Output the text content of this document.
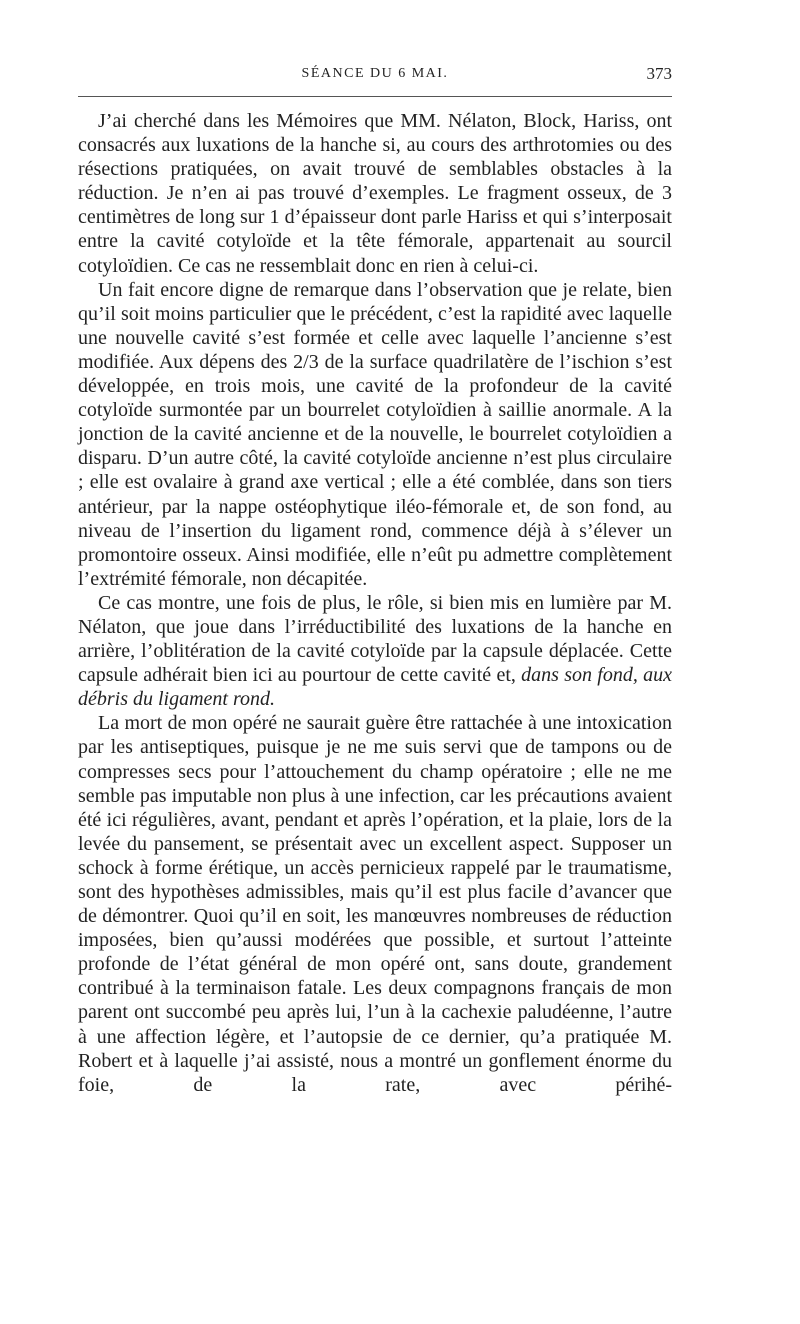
SÉANCE DU 6 MAI.	373

J’ai cherché dans les Mémoires que MM. Nélaton, Block, Hariss, ont consacrés aux luxations de la hanche si, au cours des arthrotomies ou des résections pratiquées, on avait trouvé de semblables obstacles à la réduction. Je n’en ai pas trouvé d’exemples. Le fragment osseux, de 3 centimètres de long sur 1 d’épaisseur dont parle Hariss et qui s’interposait entre la cavité cotyloïde et la tête fémorale, appartenait au sourcil cotyloïdien. Ce cas ne ressemblait donc en rien à celui-ci.

Un fait encore digne de remarque dans l’observation que je relate, bien qu’il soit moins particulier que le précédent, c’est la rapidité avec laquelle une nouvelle cavité s’est formée et celle avec laquelle l’ancienne s’est modifiée. Aux dépens des 2/3 de la surface quadrilatère de l’ischion s’est développée, en trois mois, une cavité de la profondeur de la cavité cotyloïde surmontée par un bourrelet cotyloïdien à saillie anormale. A la jonction de la cavité ancienne et de la nouvelle, le bourrelet cotyloïdien a disparu. D’un autre côté, la cavité cotyloïde ancienne n’est plus circulaire ; elle est ovalaire à grand axe vertical ; elle a été comblée, dans son tiers antérieur, par la nappe ostéophytique iléo-fémorale et, de son fond, au niveau de l’insertion du ligament rond, commence déjà à s’élever un promontoire osseux. Ainsi modifiée, elle n’eût pu admettre complètement l’extrémité fémorale, non décapitée.

Ce cas montre, une fois de plus, le rôle, si bien mis en lumière par M. Nélaton, que joue dans l’irréductibilité des luxations de la hanche en arrière, l’oblitération de la cavité cotyloïde par la capsule déplacée. Cette capsule adhérait bien ici au pourtour de cette cavité et, dans son fond, aux débris du ligament rond.

La mort de mon opéré ne saurait guère être rattachée à une intoxication par les antiseptiques, puisque je ne me suis servi que de tampons ou de compresses secs pour l’attouchement du champ opératoire ; elle ne me semble pas imputable non plus à une infection, car les précautions avaient été ici régulières, avant, pendant et après l’opération, et la plaie, lors de la levée du pansement, se présentait avec un excellent aspect. Supposer un schock à forme érétique, un accès pernicieux rappelé par le traumatisme, sont des hypothèses admissibles, mais qu’il est plus facile d’avancer que de démontrer. Quoi qu’il en soit, les manœuvres nombreuses de réduction imposées, bien qu’aussi modérées que possible, et surtout l’atteinte profonde de l’état général de mon opéré ont, sans doute, grandement contribué à la terminaison fatale. Les deux compagnons français de mon parent ont succombé peu après lui, l’un à la cachexie paludéenne, l’autre à une affection légère, et l’autopsie de ce dernier, qu’a pratiquée M. Robert et à laquelle j’ai assisté, nous a montré un gonflement énorme du foie, de la rate, avec périhé-
